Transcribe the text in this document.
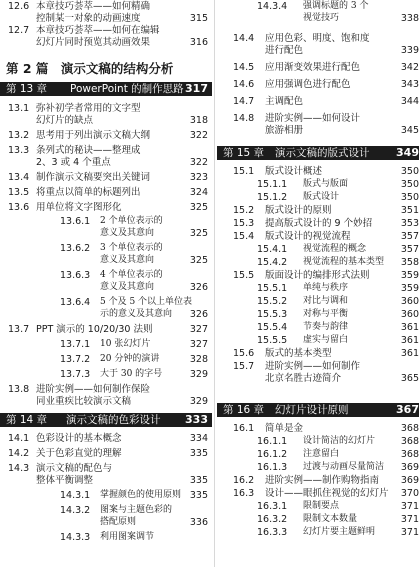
12.6 本章技巧荟萃——如何精确
控制某一对象的动画速度	315
12.7 本章技巧荟萃——如何在编辑
幻灯片同时预览其动画效果	316
第 2 篇　演示文稿的结构分析
第 13 章 PowerPoint 的制作思路 317
13.1 弥补初学者常用的文字型
幻灯片的缺点	318
13.2 思考用于列出演示文稿大纲	322
13.3 条列式的秘诀——整理成
2、3 或 4 个重点	322
13.4 制作演示文稿要突出关键词	323
13.5 将重点以简单的标题列出	324
13.6 用单位将文字图形化	325
13.6.1 2 个单位表示的
意义及其意向	325
13.6.2 3 个单位表示的
意义及其意向	325
13.6.3 4 个单位表示的
意义及其意向	326
13.6.4 5 个及 5 个以上单位表
示的意义及其意向 326
13.7 PPT 演示的 10/20/30 法则	327
13.7.1 10 张幻灯片	327
13.7.2 20 分钟的演讲	328
13.7.3 大于 30 的字号	329
13.8 进阶实例——如何制作保险
同业重疾比较演示文稿	329
第 14 章 演示文稿的色彩设计 333
14.1 色彩设计的基本概念	334
14.2 关于色彩直觉的理解	335
14.3 演示文稿的配色与
整体平衡调整	335
14.3.1 掌握颜色的使用原则 335
14.3.2 图案与主题色彩的
搭配原则	336
14.3.3 利用图案调节
14.3.4 强调标题的 3 个
视觉技巧	338
14.4 应用色彩、明度、饱和度
进行配色	339
14.5 应用渐变效果进行配色	342
14.6 应用强调色进行配色	343
14.7 主调配色	344
14.8 进阶实例——如何设计
旅游相册	345
第 15 章 演示文稿的版式设计 349
15.1 版式设计概述	350
15.1.1 版式与版面	350
15.1.2 版式设计	350
15.2 版式设计的原则	351
15.3 提高版式设计的 9 个妙招	353
15.4 版式设计的视觉流程	357
15.4.1 视觉流程的概念	357
15.4.2 视觉流程的基本类型 358
15.5 版面设计的编排形式法则	359
15.5.1 单纯与秩序	359
15.5.2 对比与调和	360
15.5.3 对称与平衡	360
15.5.4 节奏与韵律	361
15.5.5 虚实与留白	361
15.6 版式的基本类型	361
15.7 进阶实例——如何制作
北京名胜古迹简介	365
第 16 章 幻灯片设计原则	367
16.1 简单是金	368
16.1.1 设计简洁的幻灯片	368
16.1.2 注意留白	368
16.1.3 过渡与动画尽量简洁 369
16.2 进阶实例——制作购物指南 369
16.3 设计——眼抓住视觉的幻灯片 370
16.3.1 限制要点	371
16.3.2 限制文本数量	371
16.3.3 幻灯片要主题鲜明	371
